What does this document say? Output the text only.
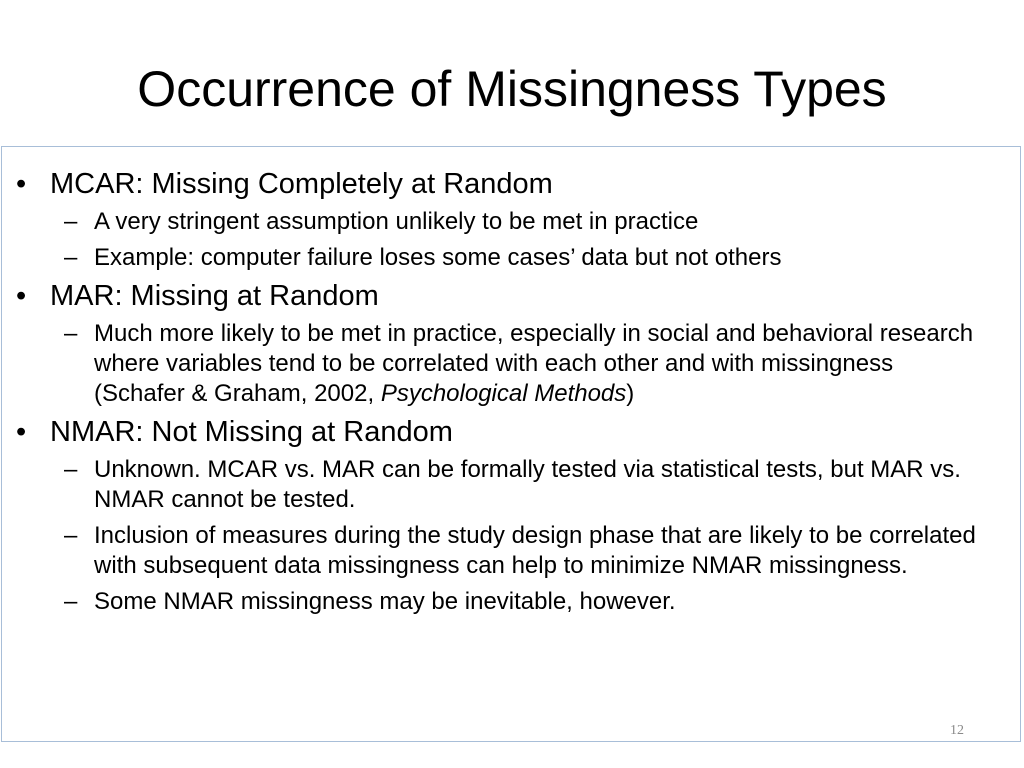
Occurrence of Missingness Types
• MCAR: Missing Completely at Random
– A very stringent assumption unlikely to be met in practice
– Example: computer failure loses some cases’ data but not others
• MAR: Missing at Random
– Much more likely to be met in practice, especially in social and behavioral research where variables tend to be correlated with each other and with missingness (Schafer & Graham, 2002, Psychological Methods)
• NMAR: Not Missing at Random
– Unknown. MCAR vs. MAR can be formally tested via statistical tests, but MAR vs. NMAR cannot be tested.
– Inclusion of measures during the study design phase that are likely to be correlated with subsequent data missingness can help to minimize NMAR missingness.
– Some NMAR missingness may be inevitable, however.
12
